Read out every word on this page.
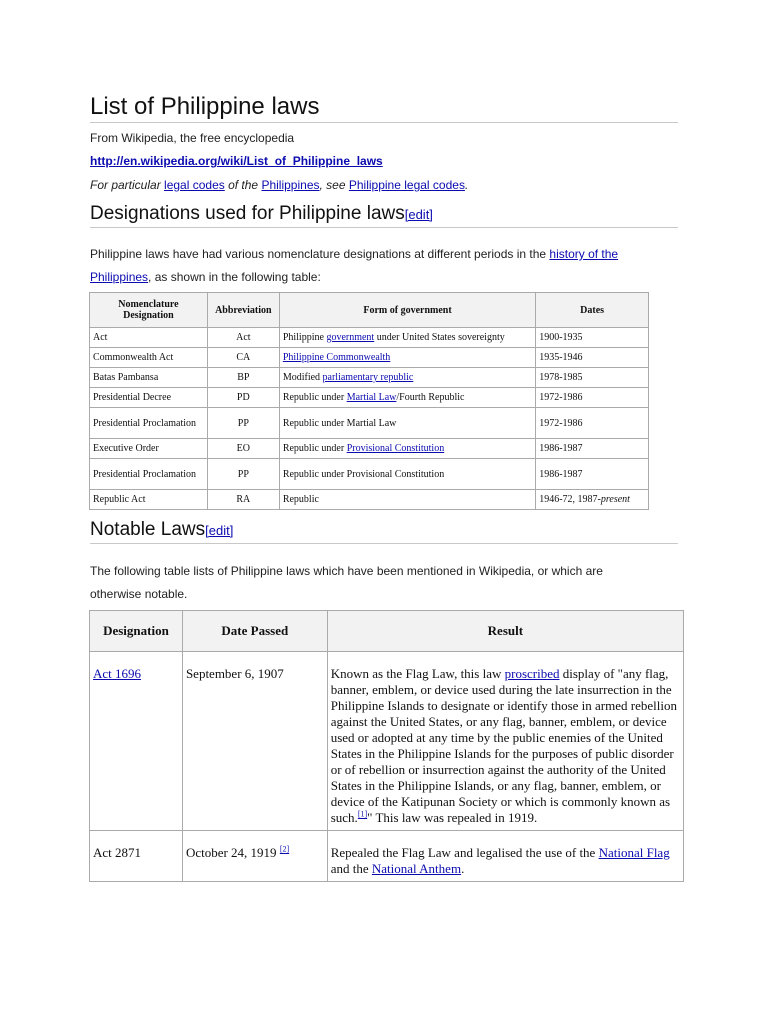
List of Philippine laws
From Wikipedia, the free encyclopedia
http://en.wikipedia.org/wiki/List_of_Philippine_laws
For particular legal codes of the Philippines, see Philippine legal codes.
Designations used for Philippine laws[edit]
Philippine laws have had various nomenclature designations at different periods in the history of the Philippines, as shown in the following table:
Nomenclature Designation	Abbreviation	Form of government	Dates
Act	Act	Philippine government under United States sovereignty	1900-1935
Commonwealth Act	CA	Philippine Commonwealth	1935-1946
Batas Pambansa	BP	Modified parliamentary republic	1978-1985
Presidential Decree	PD	Republic under Martial Law/Fourth Republic	1972-1986
Presidential Proclamation	PP	Republic under Martial Law	1972-1986
Executive Order	EO	Republic under Provisional Constitution	1986-1987
Presidential Proclamation	PP	Republic under Provisional Constitution	1986-1987
Republic Act	RA	Republic	1946-72, 1987-present
Notable Laws[edit]
The following table lists of Philippine laws which have been mentioned in Wikipedia, or which are otherwise notable.
Designation	Date Passed	Result
Act 1696	September 6, 1907	Known as the Flag Law, this law proscribed display of "any flag, banner, emblem, or device used during the late insurrection in the Philippine Islands to designate or identify those in armed rebellion against the United States, or any flag, banner, emblem, or device used or adopted at any time by the public enemies of the United States in the Philippine Islands for the purposes of public disorder or of rebellion or insurrection against the authority of the United States in the Philippine Islands, or any flag, banner, emblem, or device of the Katipunan Society or which is commonly known as such.[1]" This law was repealed in 1919.
Act 2871	October 24, 1919 [2]	Repealed the Flag Law and legalised the use of the National Flag and the National Anthem.
